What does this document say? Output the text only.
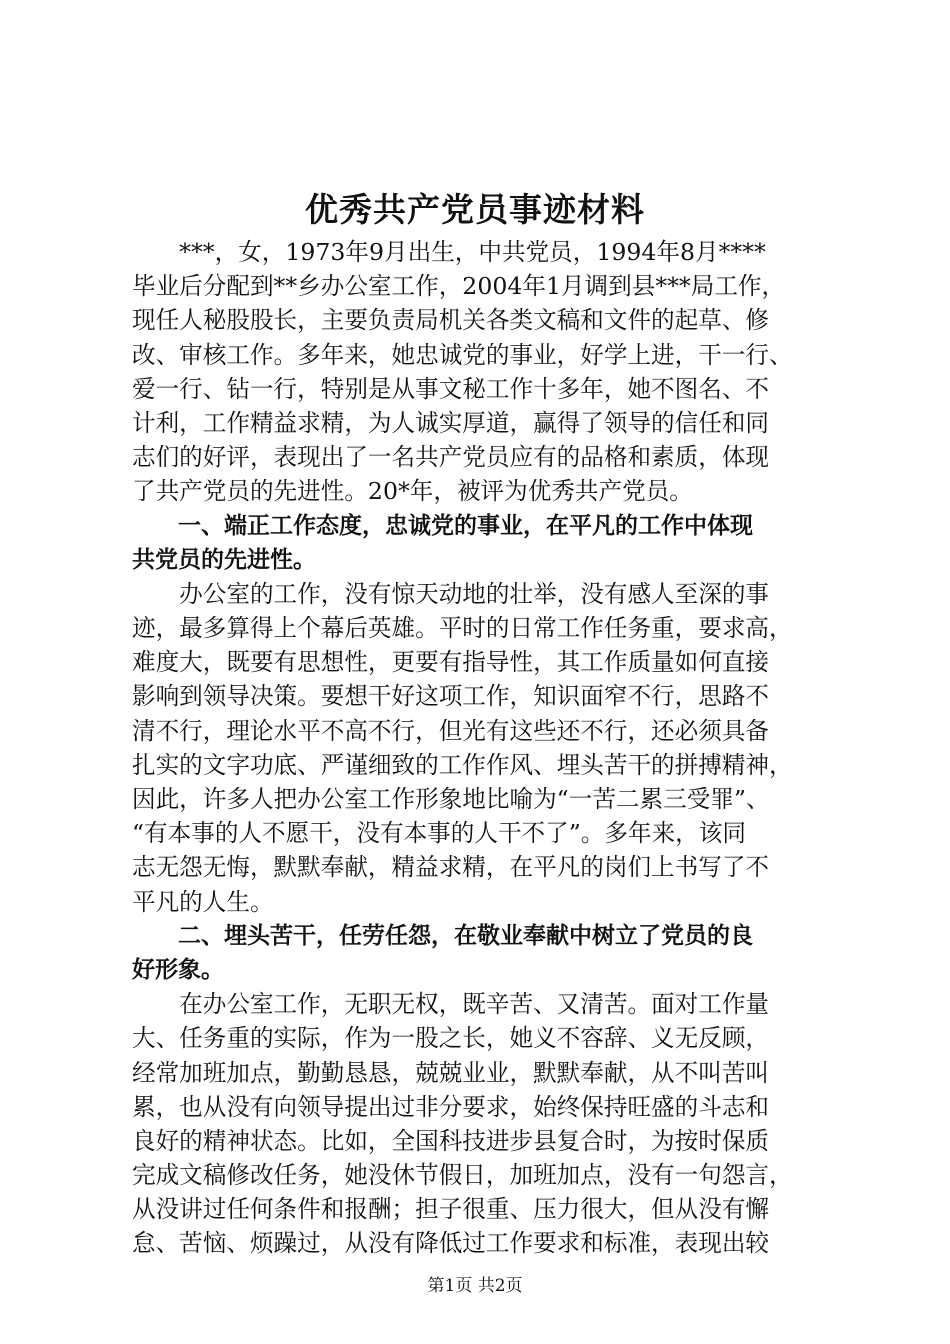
优秀共产党员事迹材料
　　***，女，1973年9月出生，中共党员，1994年8月****
毕业后分配到**乡办公室工作，2004年1月调到县***局工作，
现任人秘股股长，主要负责局机关各类文稿和文件的起草、修
改、审核工作。多年来，她忠诚党的事业，好学上进，干一行、
爱一行、钻一行，特别是从事文秘工作十多年，她不图名、不
计利，工作精益求精，为人诚实厚道，赢得了领导的信任和同
志们的好评，表现出了一名共产党员应有的品格和素质，体现
了共产党员的先进性。20*年，被评为优秀共产党员。
　　一、端正工作态度，忠诚党的事业，在平凡的工作中体现
共党员的先进性。
　　办公室的工作，没有惊天动地的壮举，没有感人至深的事
迹，最多算得上个幕后英雄。平时的日常工作任务重，要求高，
难度大，既要有思想性，更要有指导性，其工作质量如何直接
影响到领导决策。要想干好这项工作，知识面窄不行，思路不
清不行，理论水平不高不行，但光有这些还不行，还必须具备
扎实的文字功底、严谨细致的工作作风、埋头苦干的拼搏精神，
因此，许多人把办公室工作形象地比喻为“一苦二累三受罪”、
“有本事的人不愿干，没有本事的人干不了”。多年来，该同
志无怨无悔，默默奉献，精益求精，在平凡的岗们上书写了不
平凡的人生。
　　二、埋头苦干，任劳任怨，在敬业奉献中树立了党员的良
好形象。
　　在办公室工作，无职无权，既辛苦、又清苦。面对工作量
大、任务重的实际，作为一股之长，她义不容辞、义无反顾，
经常加班加点，勤勤恳恳，兢兢业业，默默奉献，从不叫苦叫
累，也从没有向领导提出过非分要求，始终保持旺盛的斗志和
良好的精神状态。比如，全国科技进步县复合时，为按时保质
完成文稿修改任务，她没休节假日，加班加点，没有一句怨言，
从没讲过任何条件和报酬；担子很重、压力很大，但从没有懈
怠、苦恼、烦躁过，从没有降低过工作要求和标准，表现出较
第1页 共2页
